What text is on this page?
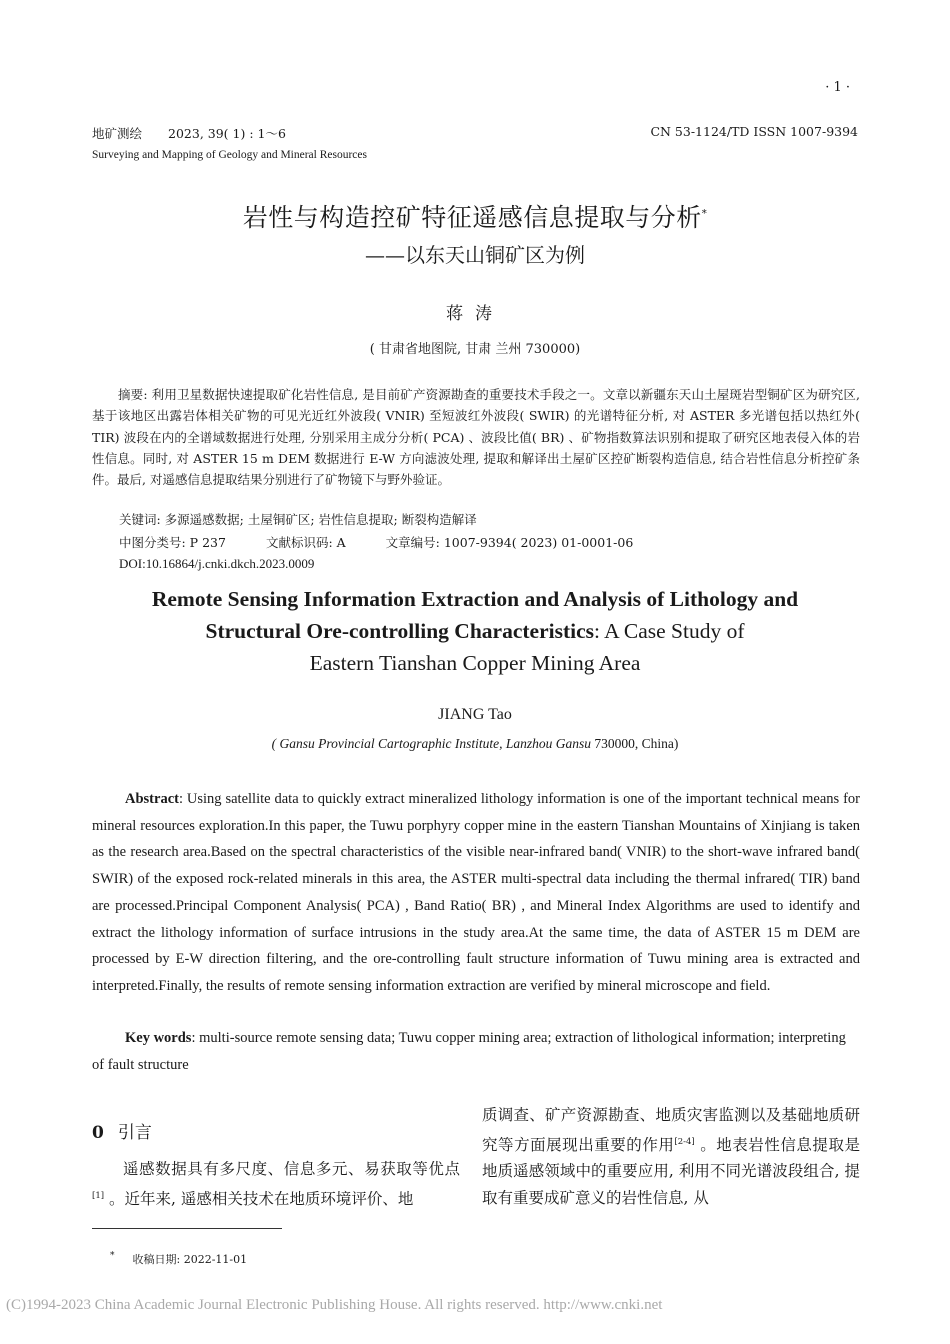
· 1 ·
地矿测绘 2023, 39( 1) : 1～6	CN 53-1124/TD ISSN 1007-9394
Surveying and Mapping of Geology and Mineral Resources
岩性与构造控矿特征遥感信息提取与分析*
——以东天山铜矿区为例
蒋涛
( 甘肃省地图院, 甘肃 兰州 730000)

摘要: 利用卫星数据快速提取矿化岩性信息, 是目前矿产资源勘查的重要技术手段之一。文章以新疆东天山土屋斑岩型铜矿区为研究区, 基于该地区出露岩体相关矿物的可见光近红外波段( VNIR) 至短波红外波段( SWIR) 的光谱特征分析, 对 ASTER 多光谱包括以热红外( TIR) 波段在内的全谱域数据进行处理, 分别采用主成分分析( PCA) 、波段比值( BR) 、矿物指数算法识别和提取了研究区地表侵入体的岩性信息。同时, 对 ASTER 15 m DEM 数据进行 E-W 方向滤波处理, 提取和解译出土屋矿区控矿断裂构造信息, 结合岩性信息分析控矿条件。最后, 对遥感信息提取结果分别进行了矿物镜下与野外验证。

关键词: 多源遥感数据; 土屋铜矿区; 岩性信息提取; 断裂构造解译
中图分类号: P 237	文献标识码: A	文章编号: 1007-9394( 2023) 01-0001-06
DOI:10.16864/j.cnki.dkch.2023.0009
Remote Sensing Information Extraction and Analysis of Lithology and
Structural Ore-controlling Characteristics: A Case Study of
Eastern Tianshan Copper Mining Area
JIANG Tao
( Gansu Provincial Cartographic Institute, Lanzhou Gansu 730000, China)

Abstract: Using satellite data to quickly extract mineralized lithology information is one of the important technical means for mineral resources exploration.In this paper, the Tuwu porphyry copper mine in the eastern Tianshan Mountains of Xinjiang is taken as the research area.Based on the spectral characteristics of the visible near-infrared band( VNIR) to the short-wave infrared band( SWIR) of the exposed rock-related minerals in this area, the ASTER multi-spectral data including the thermal infrared( TIR) band are processed.Principal Component Analysis( PCA) , Band Ratio( BR) , and Mineral Index Algorithms are used to identify and extract the lithology information of surface intrusions in the study area.At the same time, the data of ASTER 15 m DEM are processed by E-W direction filtering, and the ore-controlling fault structure information of Tuwu mining area is extracted and interpreted.Finally, the results of remote sensing information extraction are verified by mineral microscope and field.

Key words: multi-source remote sensing data; Tuwu copper mining area; extraction of lithological information; interpreting of fault structure

0 引言

遥感数据具有多尺度、信息多元、易获取等优点[1] 。近年来, 遥感相关技术在地质环境评价、地

质调查、矿产资源勘查、地质灾害监测以及基础地质研究等方面展现出重要的作用[2-4] 。地表岩性信息提取是地质遥感领域中的重要应用, 利用不同光谱波段组合, 提取有重要成矿意义的岩性信息, 从

* 收稿日期: 2022-11-01
(C)1994-2023 China Academic Journal Electronic Publishing House. All rights reserved. http://www.cnki.net
